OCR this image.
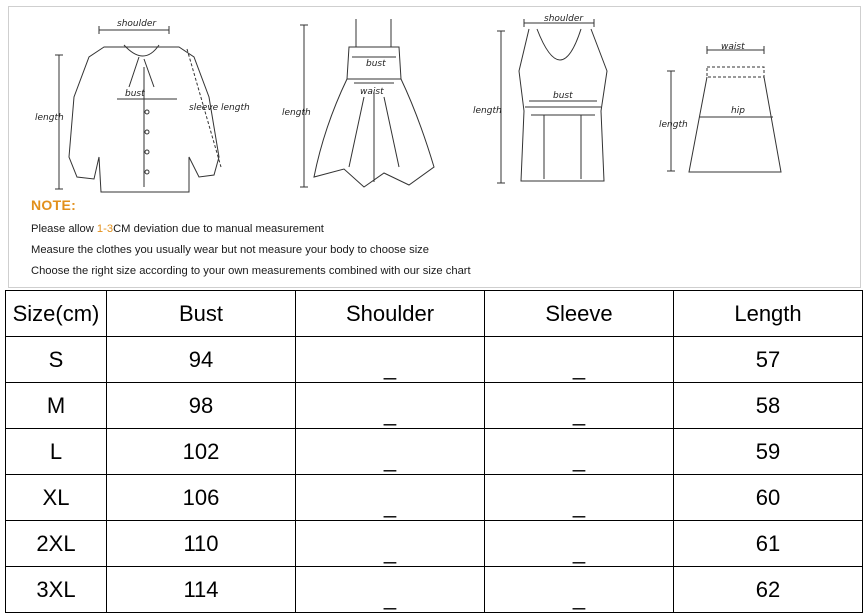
shoulder
bust
length
sleeve length
bust
waist
length
shoulder
bust
length
waist
hip
length
NOTE:
Please allow 1-3CM deviation due to manual measurement
Measure the clothes you usually wear but not measure your body to choose size
Choose the right size according to your own measurements combined with our size chart
Size(cm)	Bust	Shoulder	Sleeve	Length
S	94	_	_	57
M	98	_	_	58
L	102	_	_	59
XL	106	_	_	60
2XL	110	_	_	61
3XL	114	_	_	62
